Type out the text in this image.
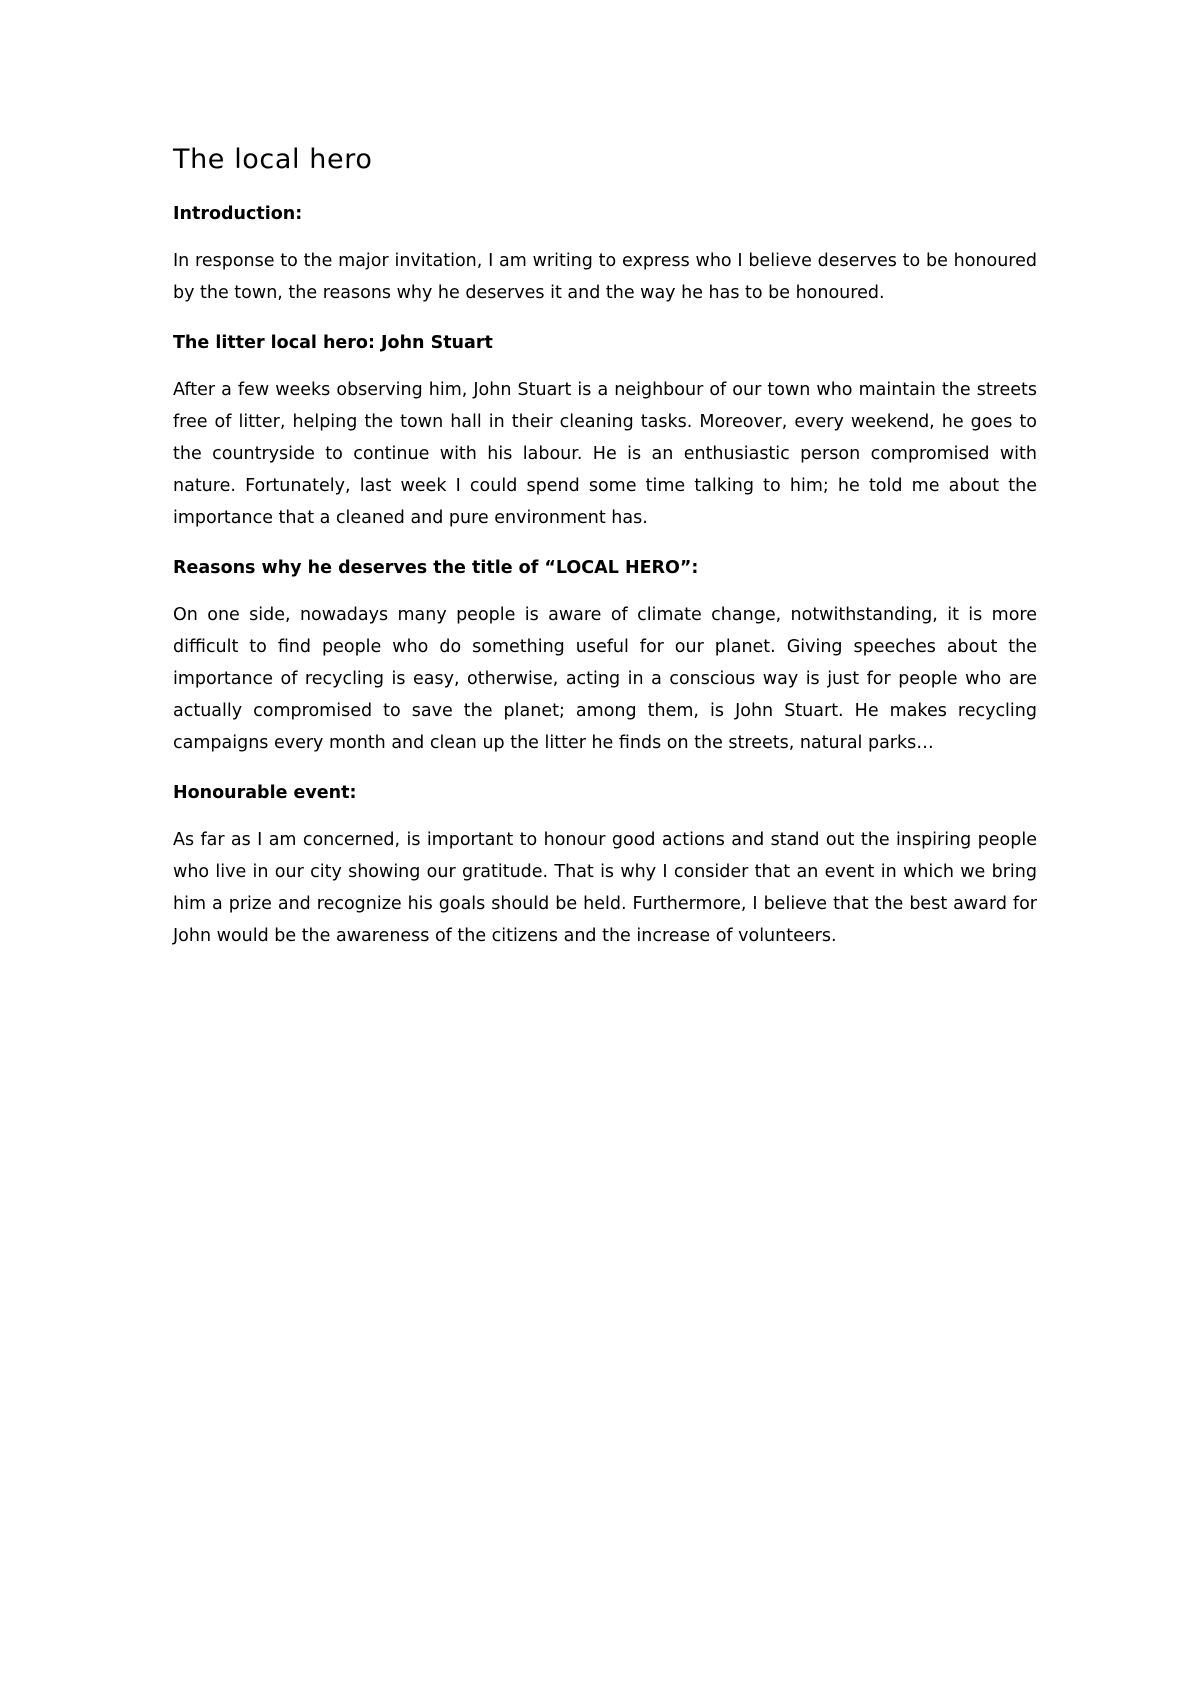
The local hero
Introduction:
In response to the major invitation, I am writing to express who I believe deserves to be honoured by the town, the reasons why he deserves it and the way he has to be honoured.
The litter local hero: John Stuart
After a few weeks observing him, John Stuart is a neighbour of our town who maintain the streets free of litter, helping the town hall in their cleaning tasks. Moreover, every weekend, he goes to the countryside to continue with his labour. He is an enthusiastic person compromised with nature. Fortunately, last week I could spend some time talking to him; he told me about the importance that a cleaned and pure environment has.
Reasons why he deserves the title of “LOCAL HERO”:
On one side, nowadays many people is aware of climate change, notwithstanding, it is more difficult to find people who do something useful for our planet. Giving speeches about the importance of recycling is easy, otherwise, acting in a conscious way is just for people who are actually compromised to save the planet; among them, is John Stuart. He makes recycling campaigns every month and clean up the litter he finds on the streets, natural parks…
Honourable event:
As far as I am concerned, is important to honour good actions and stand out the inspiring people who live in our city showing our gratitude. That is why I consider that an event in which we bring him a prize and recognize his goals should be held. Furthermore, I believe that the best award for John would be the awareness of the citizens and the increase of volunteers.
